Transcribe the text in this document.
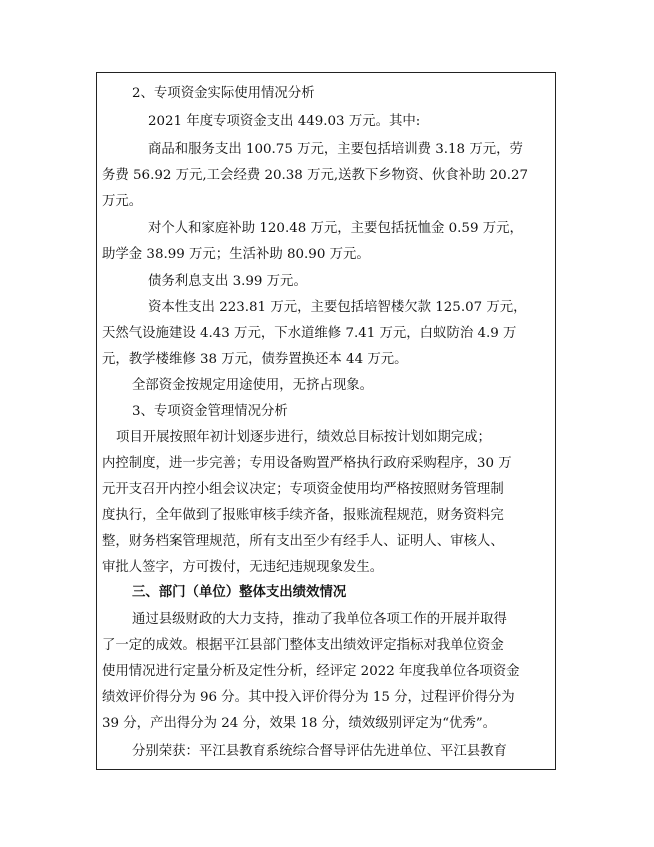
2、专项资金实际使用情况分析
2021 年度专项资金支出 449.03 万元。其中:
商品和服务支出 100.75 万元，主要包括培训费 3.18 万元，劳
务费 56.92 万元,工会经费 20.38 万元,送教下乡物资、伙食补助 20.27
万元。
对个人和家庭补助 120.48 万元，主要包括抚恤金 0.59 万元，
助学金 38.99 万元；生活补助 80.90 万元。
债务利息支出 3.99 万元。
资本性支出 223.81 万元，主要包括培智楼欠款 125.07 万元，
天然气设施建设 4.43 万元，下水道维修 7.41 万元，白蚁防治 4.9 万
元，教学楼维修 38 万元，债券置换还本 44 万元。
全部资金按规定用途使用，无挤占现象。
3、专项资金管理情况分析
项目开展按照年初计划逐步进行，绩效总目标按计划如期完成；
内控制度，进一步完善；专用设备购置严格执行政府采购程序，30 万
元开支召开内控小组会议决定；专项资金使用均严格按照财务管理制
度执行，全年做到了报账审核手续齐备，报账流程规范，财务资料完
整，财务档案管理规范，所有支出至少有经手人、证明人、审核人、
审批人签字，方可拨付，无违纪违规现象发生。
三、部门（单位）整体支出绩效情况
通过县级财政的大力支持，推动了我单位各项工作的开展并取得
了一定的成效。根据平江县部门整体支出绩效评定指标对我单位资金
使用情况进行定量分析及定性分析，经评定 2022 年度我单位各项资金
绩效评价得分为 96 分。其中投入评价得分为 15 分，过程评价得分为
39 分，产出得分为 24 分，效果 18 分，绩效级别评定为“优秀”。
分别荣获：平江县教育系统综合督导评估先进单位、平江县教育
